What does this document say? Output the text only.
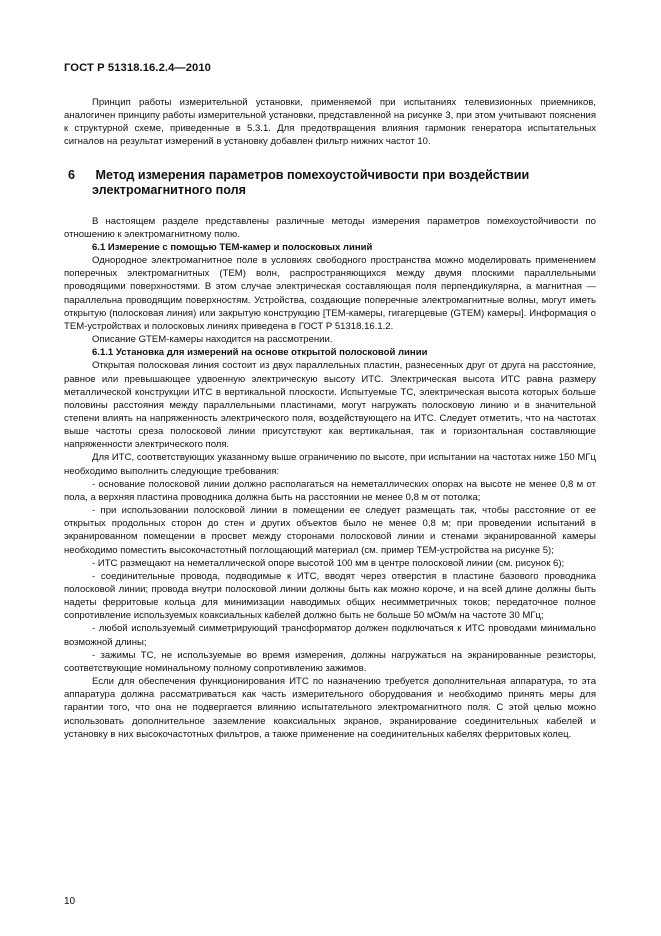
ГОСТ Р 51318.16.2.4—2010

Принцип работы измерительной установки, применяемой при испытаниях телевизионных приемников, аналогичен принципу работы измерительной установки, представленной на рисунке 3, при этом учитывают пояснения к структурной схеме, приведенные в 5.3.1. Для предотвращения влияния гармоник генератора испытательных сигналов на результат измерений в установку добавлен фильтр нижних частот 10.

6 Метод измерения параметров помехоустойчивости при воздействии электромагнитного поля

В настоящем разделе представлены различные методы измерения параметров помехоустойчивости по отношению к электромагнитному полю.

6.1 Измерение с помощью ТЕМ-камер и полосковых линий

Однородное электромагнитное поле в условиях свободного пространства можно моделировать применением поперечных электромагнитных (ТЕМ) волн, распространяющихся между двумя плоскими параллельными проводящими поверхностями. В этом случае электрическая составляющая поля перпендикулярна, а магнитная — параллельна проводящим поверхностям. Устройства, создающие поперечные электромагнитные волны, могут иметь открытую (полосковая линия) или закрытую конструкцию [ТЕМ-камеры, гигагерцевые (GTEM) камеры]. Информация о ТЕМ-устройствах и полосковых линиях приведена в ГОСТ Р 51318.16.1.2.

Описание GTEM-камеры находится на рассмотрении.

6.1.1 Установка для измерений на основе открытой полосковой линии

Открытая полосковая линия состоит из двух параллельных пластин, разнесенных друг от друга на расстояние, равное или превышающее удвоенную электрическую высоту ИТС. Электрическая высота ИТС равна размеру металлической конструкции ИТС в вертикальной плоскости. Испытуемые ТС, электрическая высота которых больше половины расстояния между параллельными пластинами, могут нагружать полосковую линию и в значительной степени влиять на напряженность электрического поля, воздействующего на ИТС. Следует отметить, что на частотах выше частоты среза полосковой линии присутствуют как вертикальная, так и горизонтальная составляющие напряженности электрического поля.

Для ИТС, соответствующих указанному выше ограничению по высоте, при испытании на частотах ниже 150 МГц необходимо выполнить следующие требования:

- основание полосковой линии должно располагаться на неметаллических опорах на высоте не менее 0,8 м от пола, а верхняя пластина проводника должна быть на расстоянии не менее 0,8 м от потолка;

- при использовании полосковой линии в помещении ее следует размещать так, чтобы расстояние от ее открытых продольных сторон до стен и других объектов было не менее 0,8 м; при проведении испытаний в экранированном помещении в просвет между сторонами полосковой линии и стенами экранированной камеры необходимо поместить высокочастотный поглощающий материал (см. пример ТЕМ-устройства на рисунке 5);

- ИТС размещают на неметаллической опоре высотой 100 мм в центре полосковой линии (см. рисунок 6);

- соединительные провода, подводимые к ИТС, вводят через отверстия в пластине базового проводника полосковой линии; провода внутри полосковой линии должны быть как можно короче, и на всей длине должны быть надеты ферритовые кольца для минимизации наводимых общих несимметричных токов; передаточное полное сопротивление используемых коаксиальных кабелей должно быть не больше 50 мОм/м на частоте 30 МГц;

- любой используемый симметрирующий трансформатор должен подключаться к ИТС проводами минимально возможной длины;

- зажимы ТС, не используемые во время измерения, должны нагружаться на экранированные резисторы, соответствующие номинальному полному сопротивлению зажимов.

Если для обеспечения функционирования ИТС по назначению требуется дополнительная аппаратура, то эта аппаратура должна рассматриваться как часть измерительного оборудования и необходимо принять меры для гарантии того, что она не подвергается влиянию испытательного электромагнитного поля. С этой целью можно использовать дополнительное заземление коаксиальных экранов, экранирование соединительных кабелей и установку в них высокочастотных фильтров, а также применение на соединительных кабелях ферритовых колец.

10
